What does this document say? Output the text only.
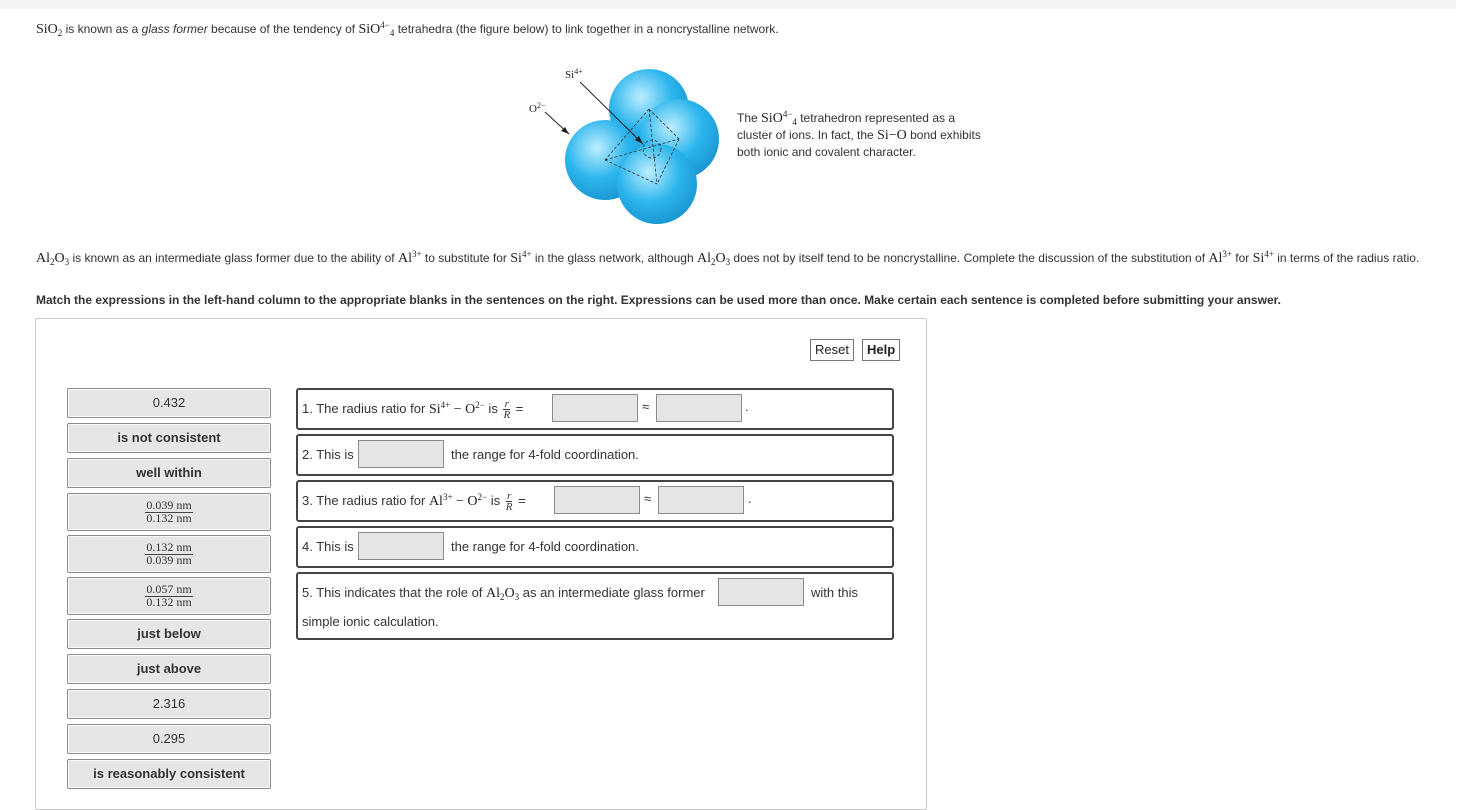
SiO$_2$ is known as a glass former because of the tendency of SiO$^{4-}_4$ tetrahedra (the figure below) to link together in a noncrystalline network.
$Si^{4+}$
$O^{2-}$
The SiO$^{4-}_4$ tetrahedron represented as a cluster of ions. In fact, the Si−O bond exhibits both ionic and covalent character.
$Al_2O_3$ is known as an intermediate glass former due to the ability of $Al^{3+}$ to substitute for $Si^{4+}$ in the glass network, although $Al_2O_3$ does not by itself tend to be noncrystalline. Complete the discussion of the substitution of $Al^{3+}$ for $Si^{4+}$ in terms of the radius ratio.
Match the expressions in the left-hand column to the appropriate blanks in the sentences on the right. Expressions can be used more than once. Make certain each sentence is completed before submitting your answer.
Reset	Help
0.432
is not consistent
well within
$\frac{0.039 nm}{0.132 nm}$
$\frac{0.132 nm}{0.039 nm}$
$\frac{0.057 nm}{0.132 nm}$
just below
just above
2.316
0.295
is reasonably consistent
1. The radius ratio for $Si^{4+} - O^{2-}$ is $\frac{r}{R}$ =	≈	.
2. This is	the range for 4-fold coordination.
3. The radius ratio for $Al^{3+} - O^{2-}$ is $\frac{r}{R}$ =	≈	.
4. This is	the range for 4-fold coordination.
5. This indicates that the role of $Al_2O_3$ as an intermediate glass former	with this
simple ionic calculation.
